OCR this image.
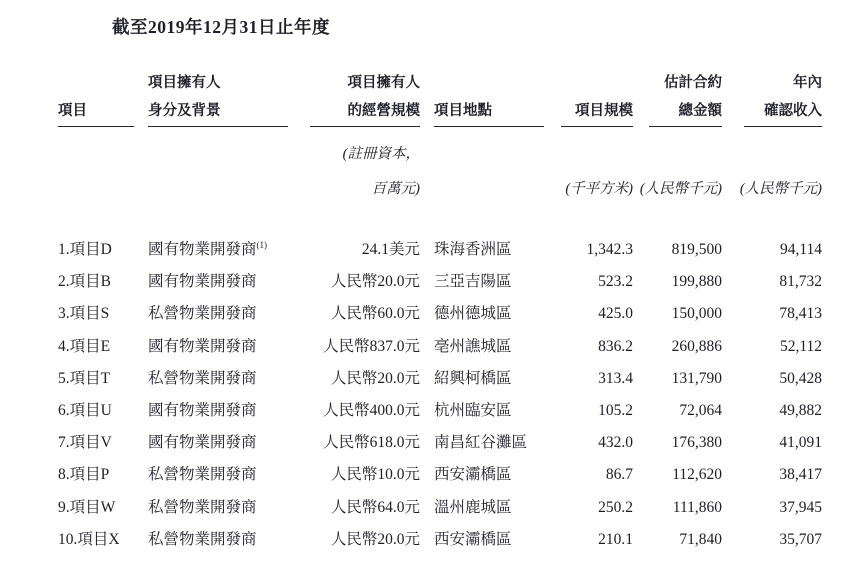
截至2019年12月31日止年度
項目擁有人	項目擁有人	估計合約	年內
項目	身分及背景	的經營規模 項目地點	項目規模	總金額	確認收入
(註冊資本，
百萬元)	(千平方米) (人民幣千元)	(人民幣千元)
1.項目D	國有物業開發商$^{(1)}$	24.1美元 珠海香洲區	1,342.3	819,500	94,114
2.項目B	國有物業開發商	人民幣20.0元 三亞吉陽區	523.2	199,880	81,732
3.項目S	私營物業開發商	人民幣60.0元 德州德城區	425.0	150,000	78,413
4.項目E	國有物業開發商	人民幣837.0元 亳州譙城區	836.2	260,886	52,112
5.項目T	私營物業開發商	人民幣20.0元 紹興柯橋區	313.4	131,790	50,428
6.項目U	國有物業開發商	人民幣400.0元 杭州臨安區	105.2	72,064	49,882
7.項目V	國有物業開發商	人民幣618.0元 南昌紅谷灘區	432.0	176,380	41,091
8.項目P	私營物業開發商	人民幣10.0元 西安灞橋區	86.7	112,620	38,417
9.項目W	私營物業開發商	人民幣64.0元 溫州鹿城區	250.2	111,860	37,945
10.項目X	私營物業開發商	人民幣20.0元 西安灞橋區	210.1	71,840	35,707
